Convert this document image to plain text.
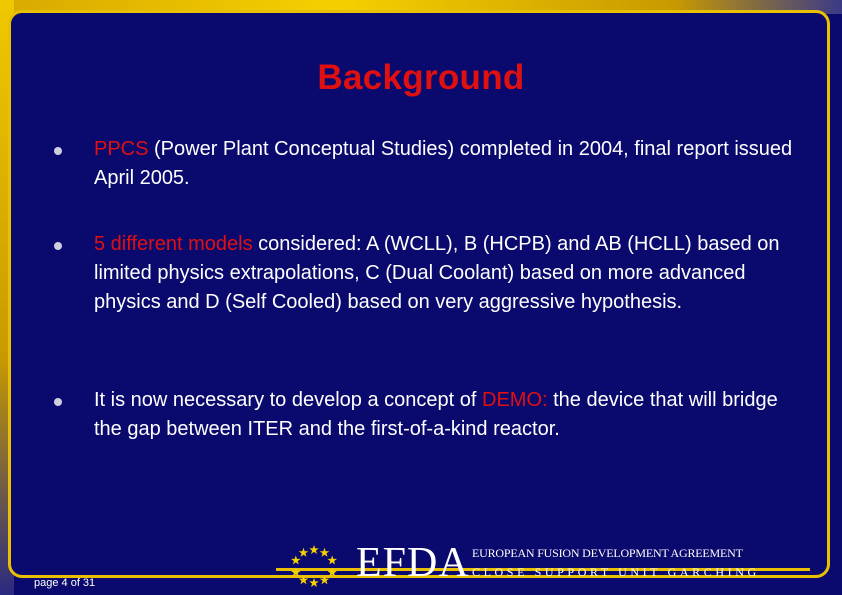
Background
PPCS (Power Plant Conceptual Studies) completed in 2004, final report issued April 2005.
5 different models considered: A (WCLL), B (HCPB) and AB (HCLL) based on limited physics extrapolations, C (Dual Coolant) based on more advanced physics and D (Self Cooled) based on very aggressive hypothesis.
It is now necessary to develop a concept of DEMO: the device that will bridge the gap between ITER and the first-of-a-kind reactor.
page 4 of 31	EFDA EUROPEAN FUSION DEVELOPMENT AGREEMENT
CLOSE SUPPORT UNIT GARCHING
